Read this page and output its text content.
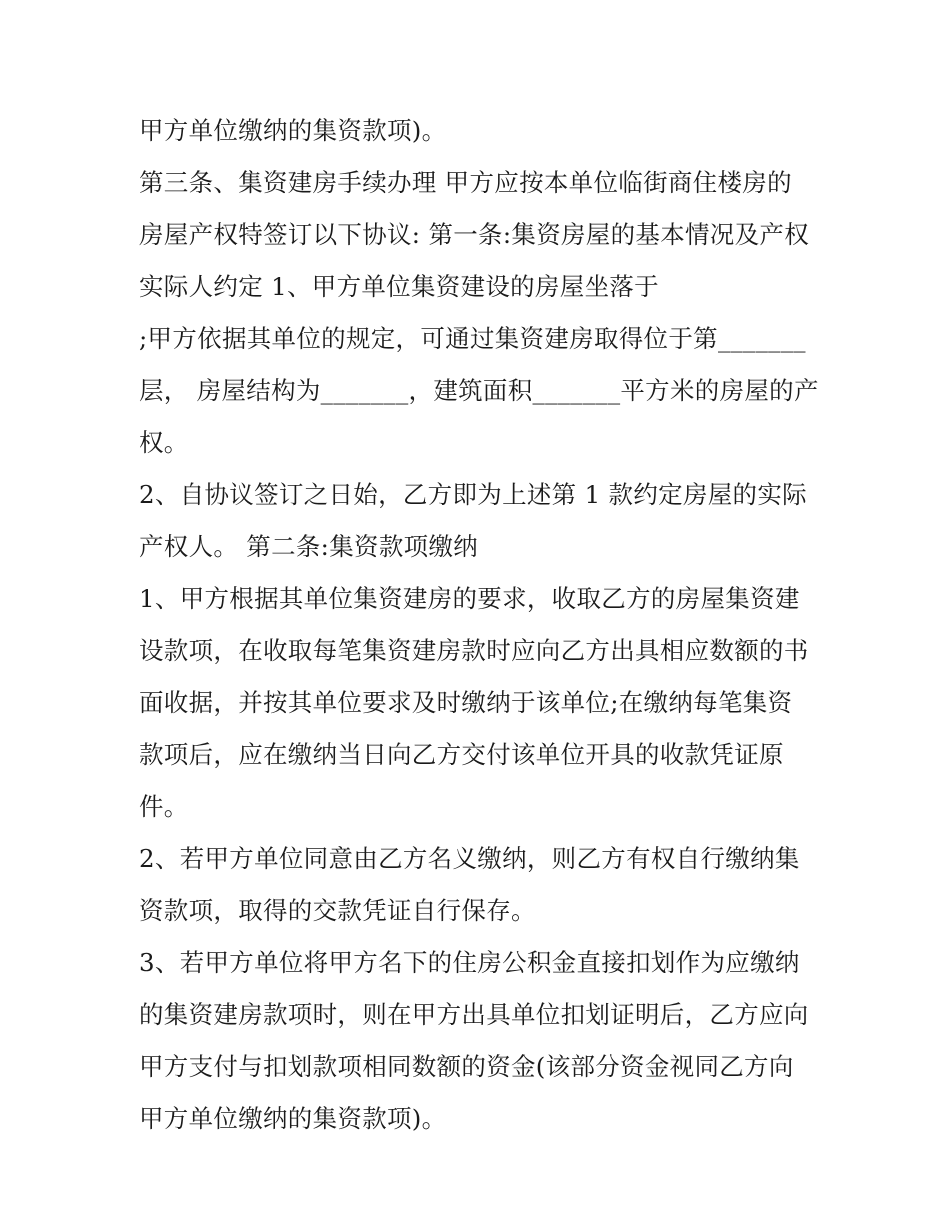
甲方单位缴纳的集资款项)。
第三条、集资建房手续办理 甲方应按本单位临街商住楼房的
房屋产权特签订以下协议: 第一条:集资房屋的基本情况及产权
实际人约定 1、甲方单位集资建设的房屋坐落于
;甲方依据其单位的规定，可通过集资建房取得位于第_______
层， 房屋结构为_______，建筑面积_______平方米的房屋的产
权。
2、自协议签订之日始，乙方即为上述第 1 款约定房屋的实际
产权人。 第二条:集资款项缴纳
1、甲方根据其单位集资建房的要求，收取乙方的房屋集资建
设款项，在收取每笔集资建房款时应向乙方出具相应数额的书
面收据，并按其单位要求及时缴纳于该单位;在缴纳每笔集资
款项后，应在缴纳当日向乙方交付该单位开具的收款凭证原
件。
2、若甲方单位同意由乙方名义缴纳，则乙方有权自行缴纳集
资款项，取得的交款凭证自行保存。
3、若甲方单位将甲方名下的住房公积金直接扣划作为应缴纳
的集资建房款项时，则在甲方出具单位扣划证明后，乙方应向
甲方支付与扣划款项相同数额的资金(该部分资金视同乙方向
甲方单位缴纳的集资款项)。
